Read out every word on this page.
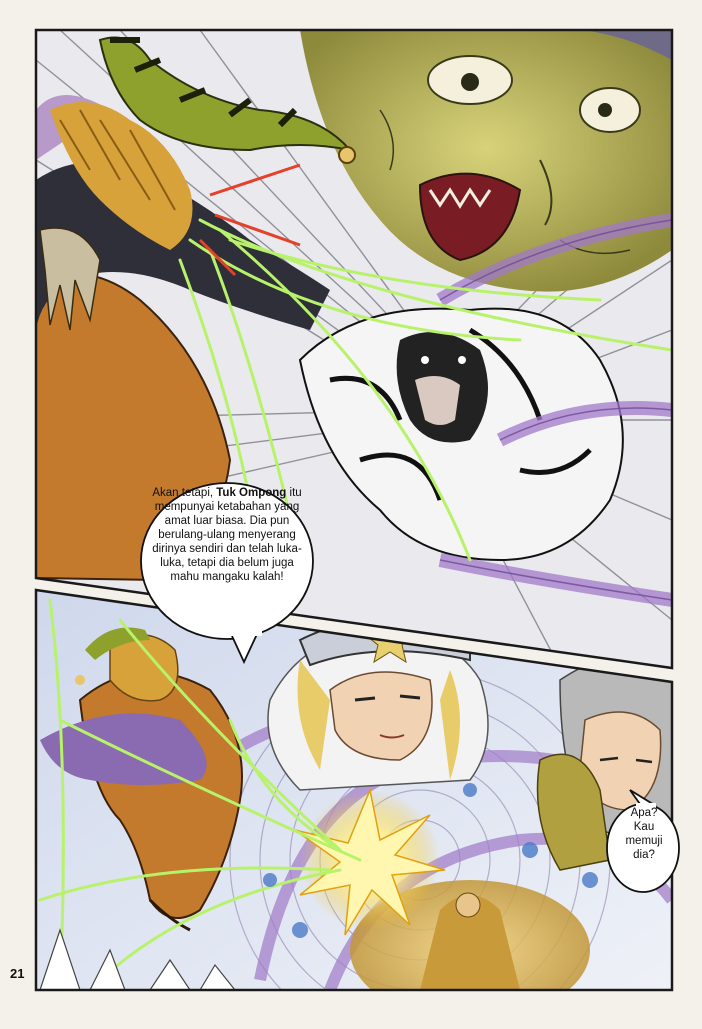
Akan tetapi, Tuk Ompong itu mempunyai ketabahan yang amat luar biasa. Dia pun berulang-ulang menyerang dirinya sendiri dan telah luka-luka, tetapi dia belum juga mahu mangaku kalah!
Apa?
Kau
memuji
dia?
21
